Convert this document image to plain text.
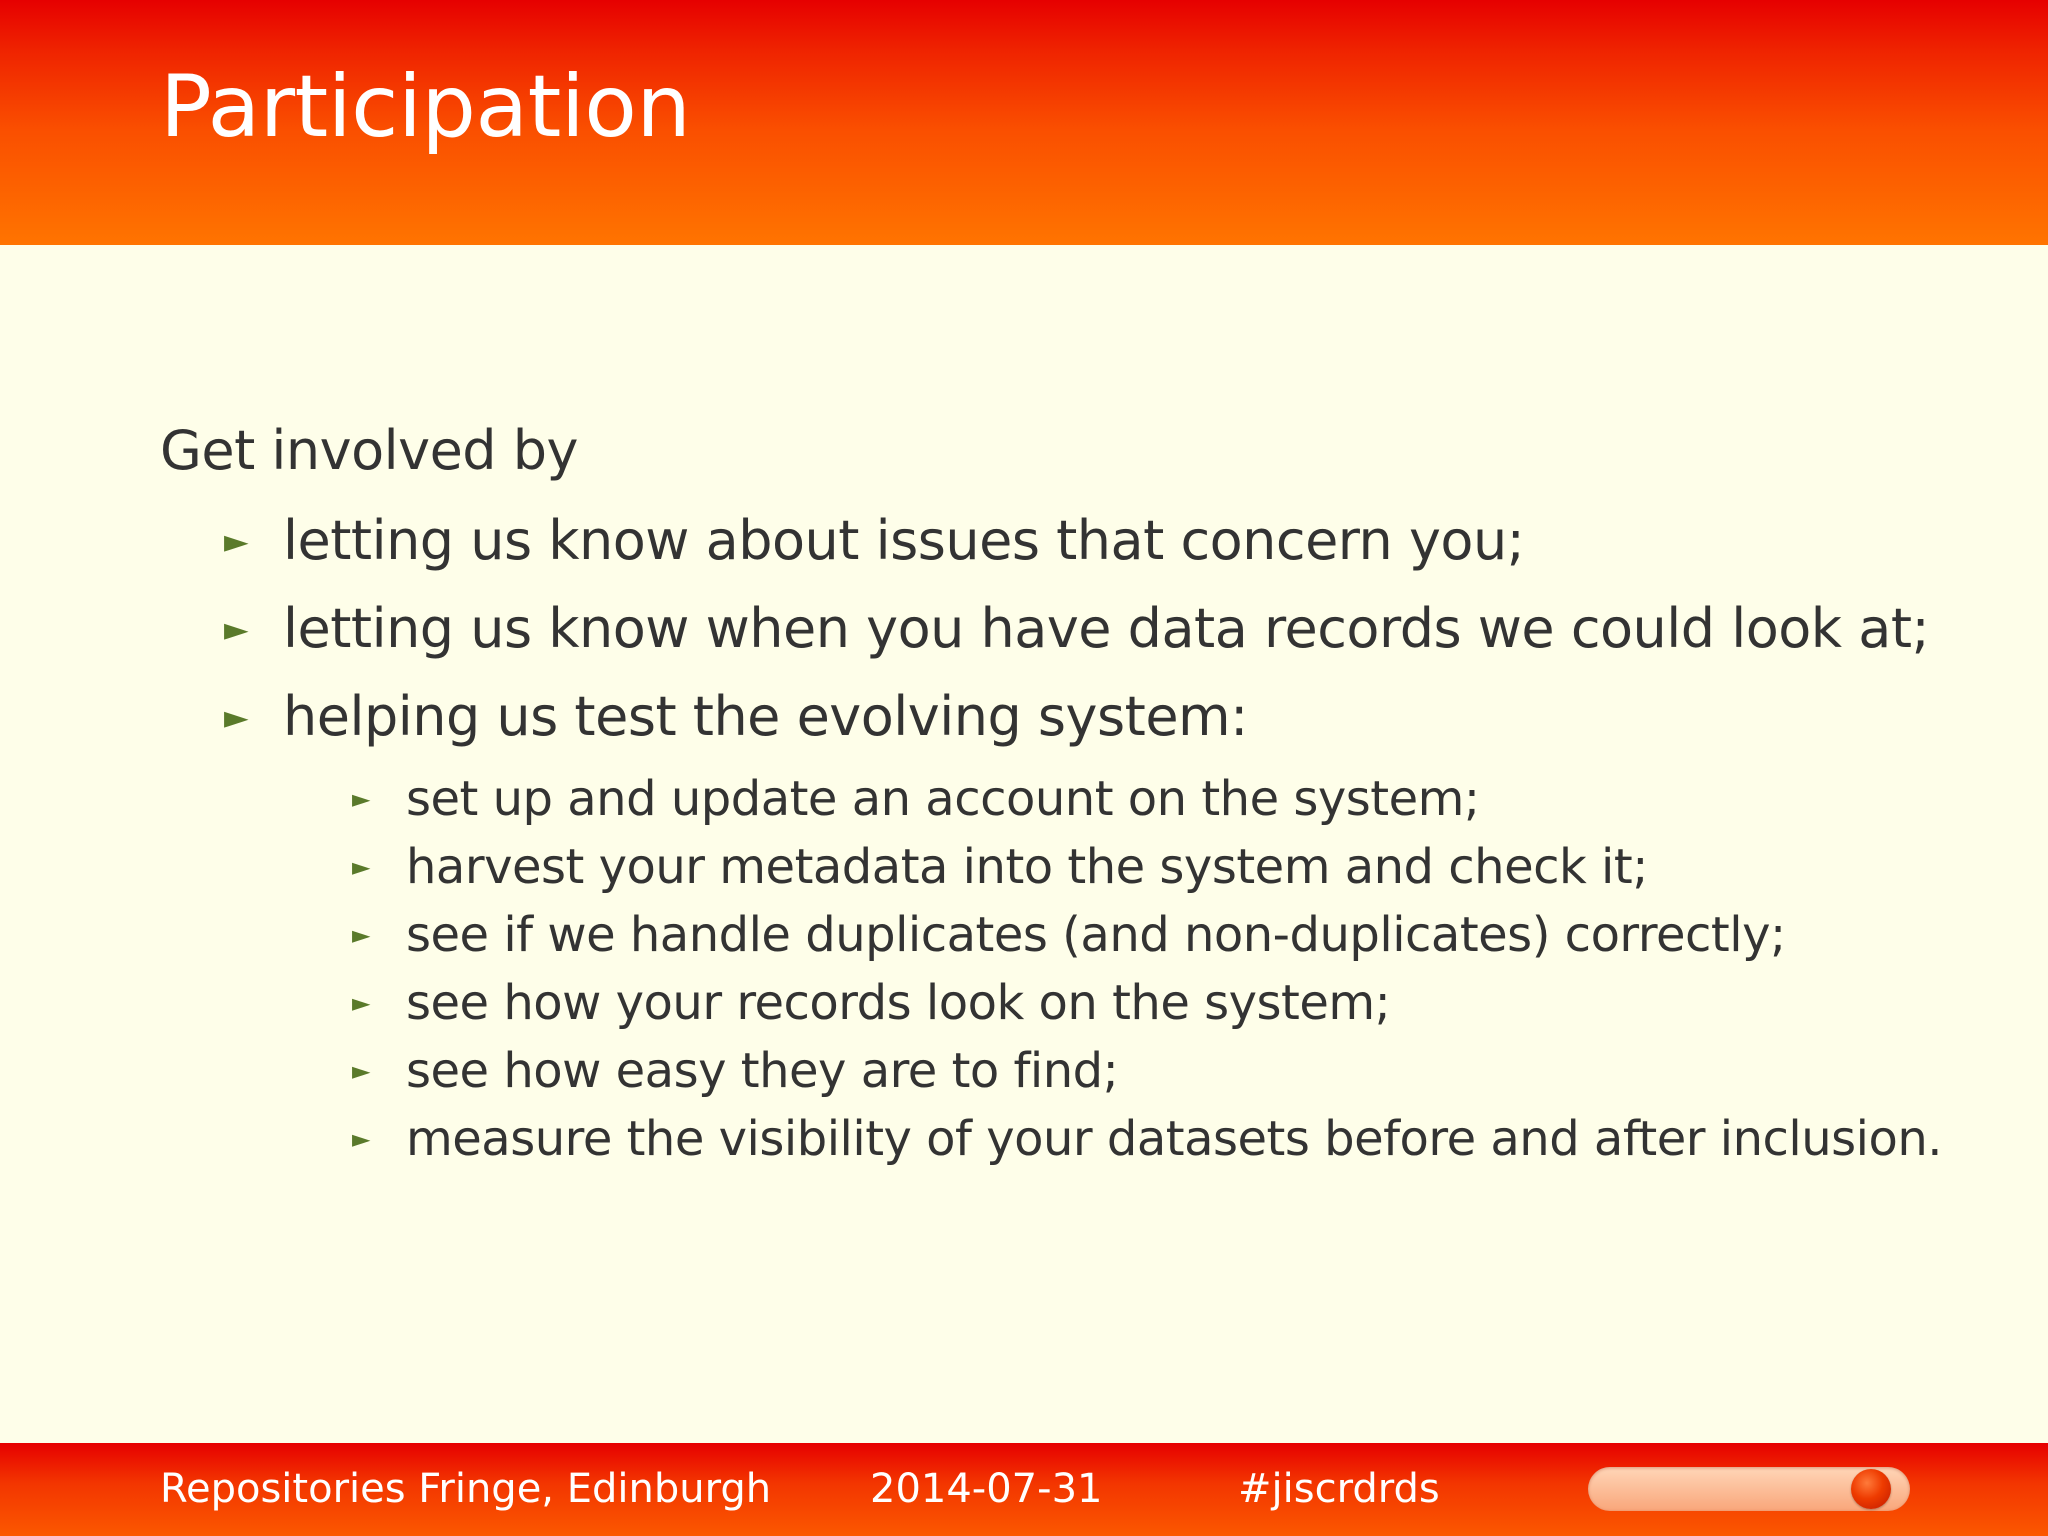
Participation

Get involved by

► letting us know about issues that concern you;
► letting us know when you have data records we could look at;
► helping us test the evolving system:
► set up and update an account on the system;
► harvest your metadata into the system and check it;
► see if we handle duplicates (and non-duplicates) correctly;
► see how your records look on the system;
► see how easy they are to find;
► measure the visibility of your datasets before and after inclusion.
Repositories Fringe, Edinburgh 2014-07-31	#jiscrdrds
